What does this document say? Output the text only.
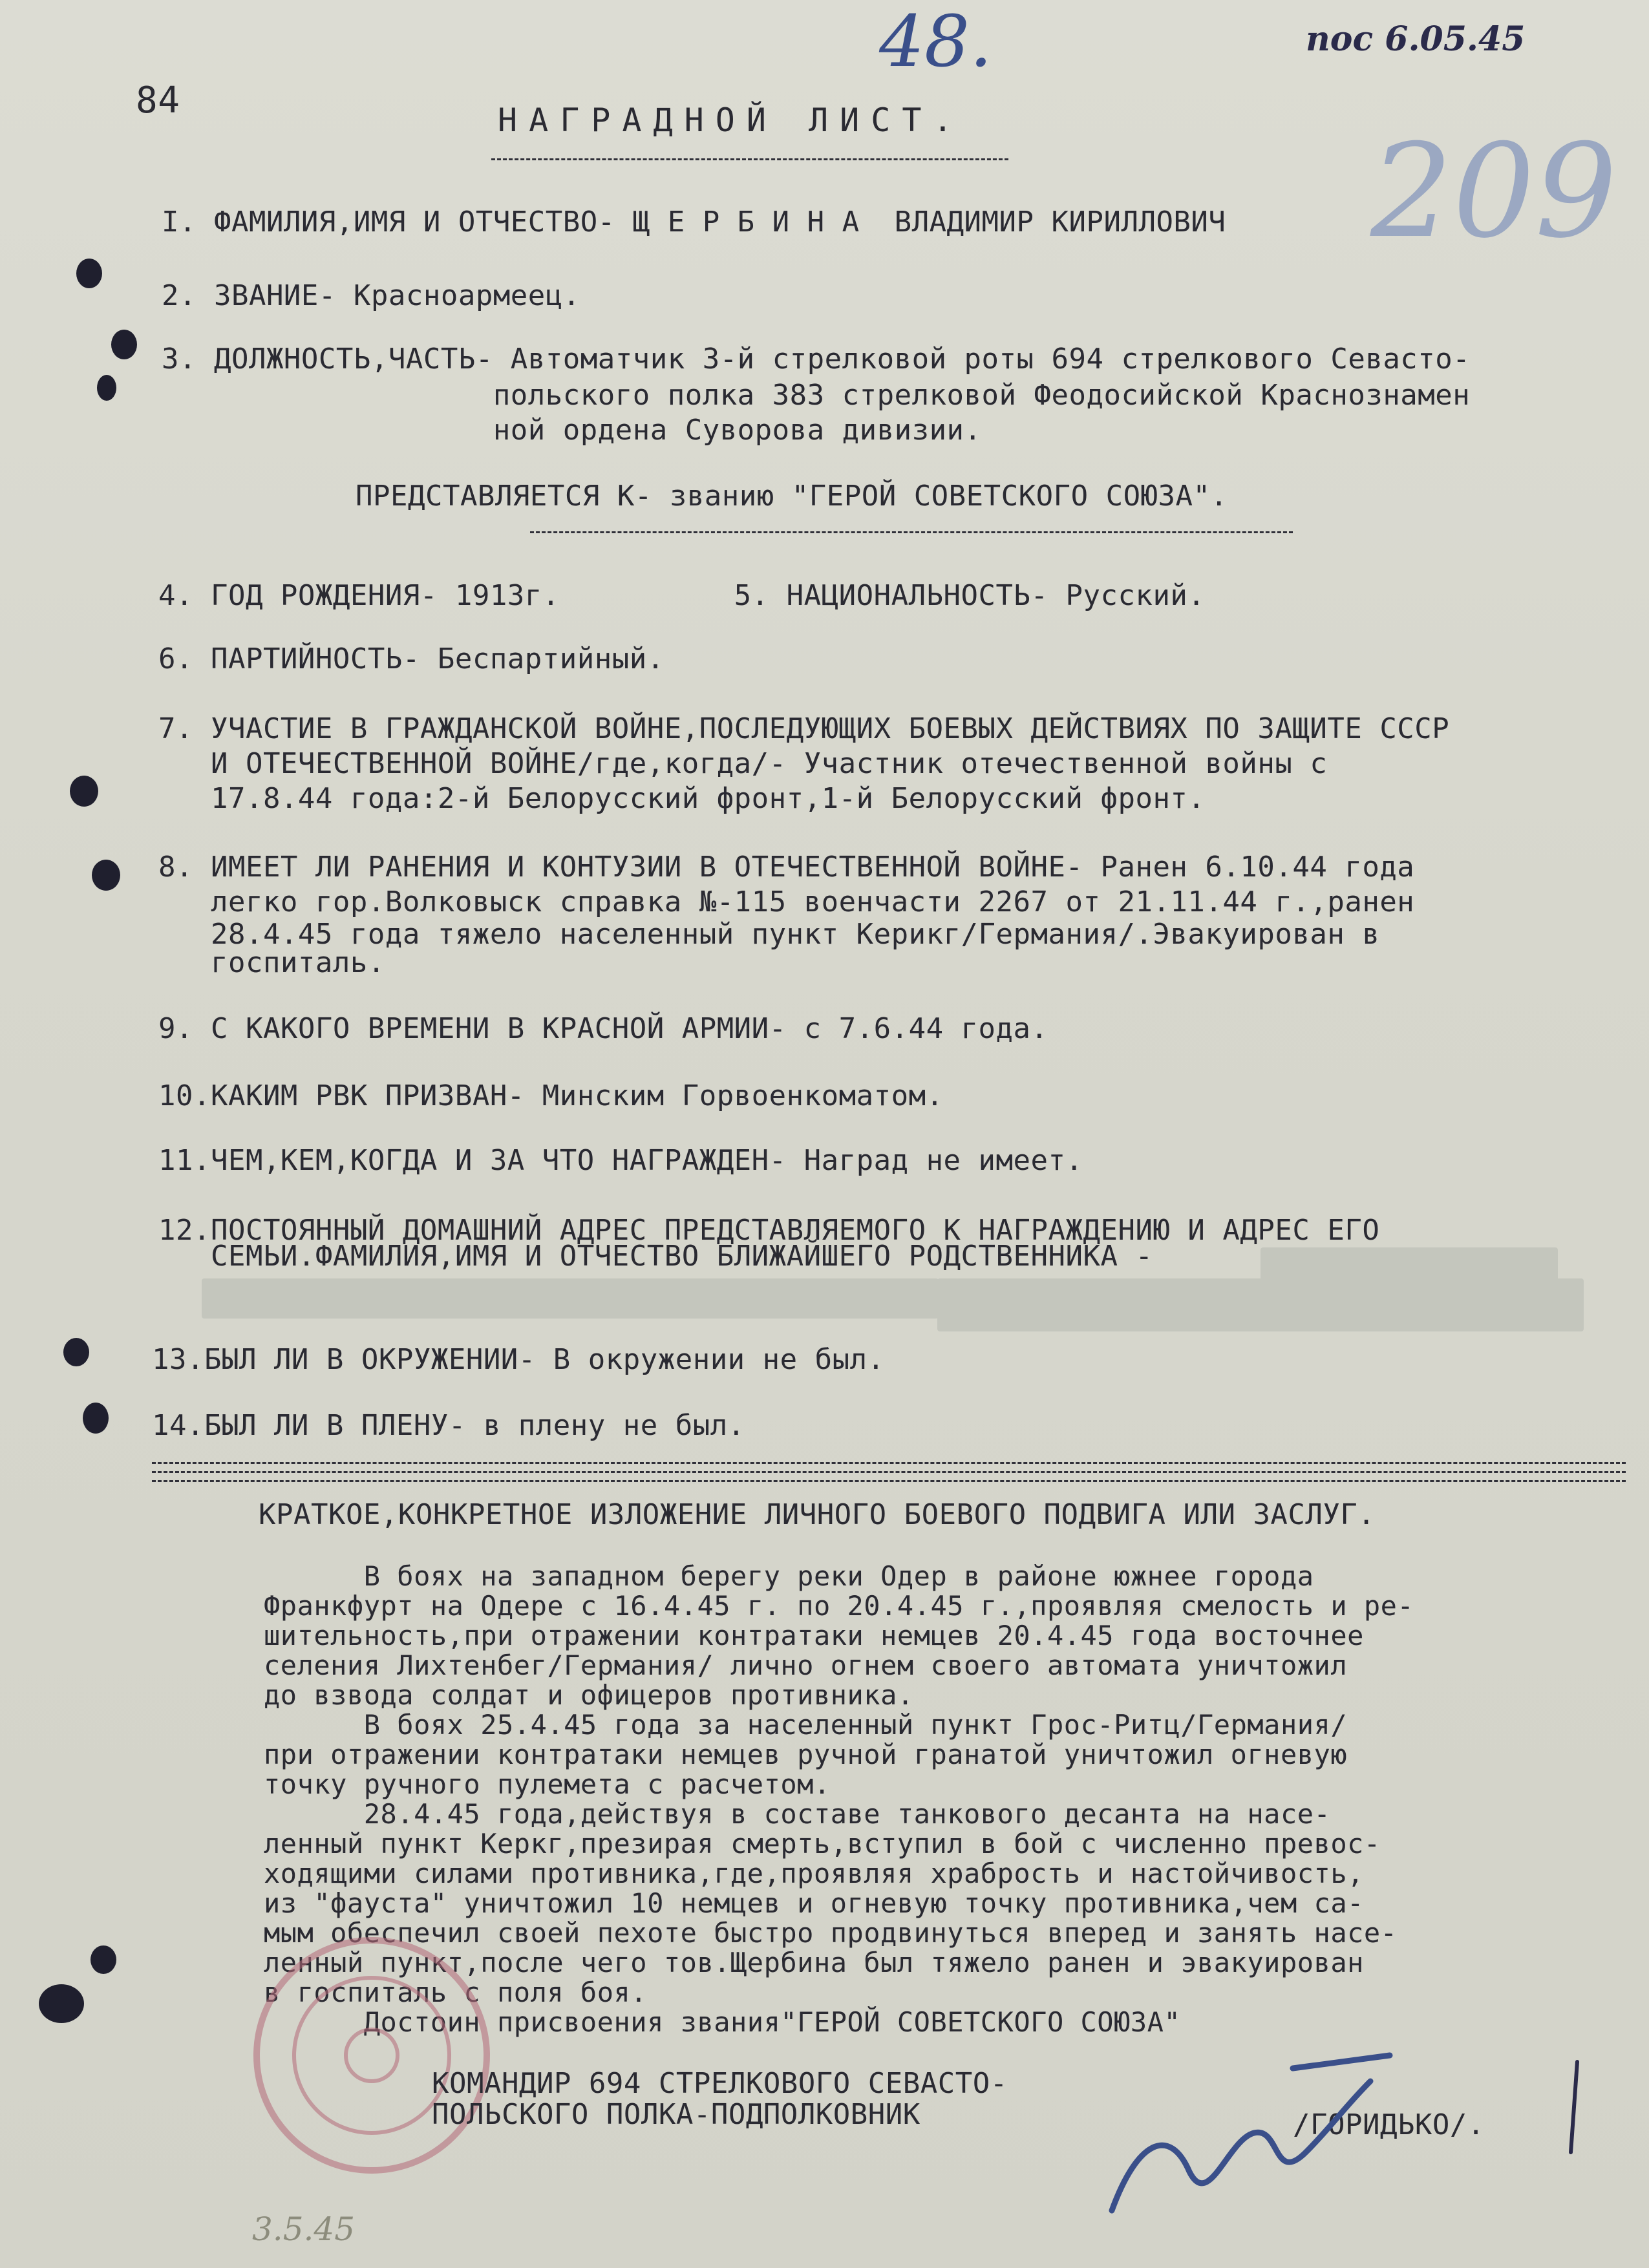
48.	пос 6.05.45
209
84	НАГРАДНОЙ ЛИСТ.
I. ФАМИЛИЯ,ИМЯ И ОТЧЕСТВО- Щ Е Р Б И Н А  ВЛАДИМИР КИРИЛЛОВИЧ
2. ЗВАНИЕ- Красноармеец.
3. ДОЛЖНОСТЬ,ЧАСТЬ- Автоматчик 3-й стрелковой роты 694 стрелкового Севасто-
польского полка 383 стрелковой Феодосийской Краснознамен
ной ордена Суворова дивизии.
ПРЕДСТАВЛЯЕТСЯ К- званию "ГЕРОЙ СОВЕТСКОГО СОЮЗА".
4. ГОД РОЖДЕНИЯ- 1913г.          5. НАЦИОНАЛЬНОСТЬ- Русский.
6. ПАРТИЙНОСТЬ- Беспартийный.
7. УЧАСТИЕ В ГРАЖДАНСКОЙ ВОЙНЕ,ПОСЛЕДУЮЩИХ БОЕВЫХ ДЕЙСТВИЯХ ПО ЗАЩИТЕ СССР
И ОТЕЧЕСТВЕННОЙ ВОЙНЕ/где,когда/- Участник отечественной войны с
17.8.44 года:2-й Белорусский фронт,1-й Белорусский фронт.
8. ИМЕЕТ ЛИ РАНЕНИЯ И КОНТУЗИИ В ОТЕЧЕСТВЕННОЙ ВОЙНЕ- Ранен 6.10.44 года
легко гор.Волковыск справка №-115 военчасти 2267 от 21.11.44 г.,ранен
28.4.45 года тяжело населенный пункт Керикг/Германия/.Эвакуирован в
госпиталь.
9. С КАКОГО ВРЕМЕНИ В КРАСНОЙ АРМИИ- с 7.6.44 года.
10.КАКИМ РВК ПРИЗВАН- Минским Горвоенкоматом.
11.ЧЕМ,КЕМ,КОГДА И ЗА ЧТО НАГРАЖДЕН- Наград не имеет.
12.ПОСТОЯННЫЙ ДОМАШНИЙ АДРЕС ПРЕДСТАВЛЯЕМОГО К НАГРАЖДЕНИЮ И АДРЕС ЕГО
СЕМЬИ.ФАМИЛИЯ,ИМЯ И ОТЧЕСТВО БЛИЖАЙШЕГО РОДСТВЕННИКА -
13.БЫЛ ЛИ В ОКРУЖЕНИИ- В окружении не был.
14.БЫЛ ЛИ В ПЛЕНУ- в плену не был.
КРАТКОЕ,КОНКРЕТНОЕ ИЗЛОЖЕНИЕ ЛИЧНОГО БОЕВОГО ПОДВИГА ИЛИ ЗАСЛУГ.
В боях на западном берегу реки Одер в районе южнее города
Франкфурт на Одере с 16.4.45 г. по 20.4.45 г.,проявляя смелость и ре-
шительность,при отражении контратаки немцев 20.4.45 года восточнее
селения Лихтенбег/Германия/ лично огнем своего автомата уничтожил
до взвода солдат и офицеров противника.
В боях 25.4.45 года за населенный пункт Грос-Ритц/Германия/
при отражении контратаки немцев ручной гранатой уничтожил огневую
точку ручного пулемета с расчетом.
28.4.45 года,действуя в составе танкового десанта на насе-
ленный пункт Керкг,презирая смерть,вступил в бой с численно превос-
ходящими силами противника,где,проявляя храбрость и настойчивость,
из "фауста" уничтожил 10 немцев и огневую точку противника,чем са-
мым обеспечил своей пехоте быстро продвинуться вперед и занять насе-
ленный пункт,после чего тов.Щербина был тяжело ранен и эвакуирован
в госпиталь с поля боя.
Достоин присвоения звания"ГЕРОЙ СОВЕТСКОГО СОЮЗА"
КОМАНДИР 694 СТРЕЛКОВОГО СЕВАСТО-
ПОЛЬСКОГО ПОЛКА-ПОДПОЛКОВНИК	/ГОРИДЬКО/.
3.5.45
